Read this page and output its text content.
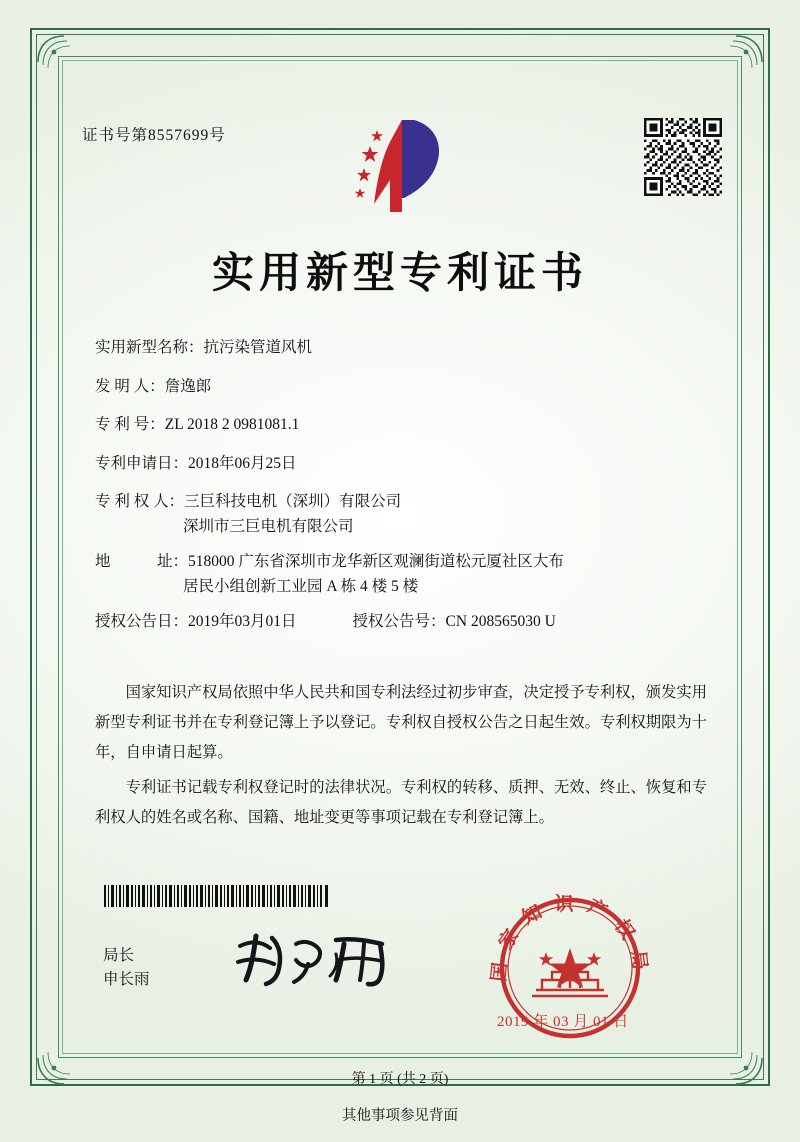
证书号第8557699号
实用新型专利证书
实用新型名称： 抗污染管道风机
发 明 人： 詹逸郎
专 利 号： ZL 2018 2 0981081.1
专利申请日： 2018年06月25日
专 利 权 人： 三巨科技电机（深圳）有限公司
深圳市三巨电机有限公司
地　　　址： 518000 广东省深圳市龙华新区观澜街道松元厦社区大布
居民小组创新工业园 A 栋 4 楼 5 楼
授权公告日： 2019年03月01日	授权公告号： CN 208565030 U

国家知识产权局依照中华人民共和国专利法经过初步审查，决定授予专利权，颁发实用新型专利证书并在专利登记簿上予以登记。专利权自授权公告之日起生效。专利权期限为十年，自申请日起算。

专利证书记载专利权登记时的法律状况。专利权的转移、质押、无效、终止、恢复和专利权人的姓名或名称、国籍、地址变更等事项记载在专利登记簿上。

局长
申长雨	国家知识产权局
2019 年 03 月 01 日
第 1 页 (共 2 页)
其他事项参见背面
